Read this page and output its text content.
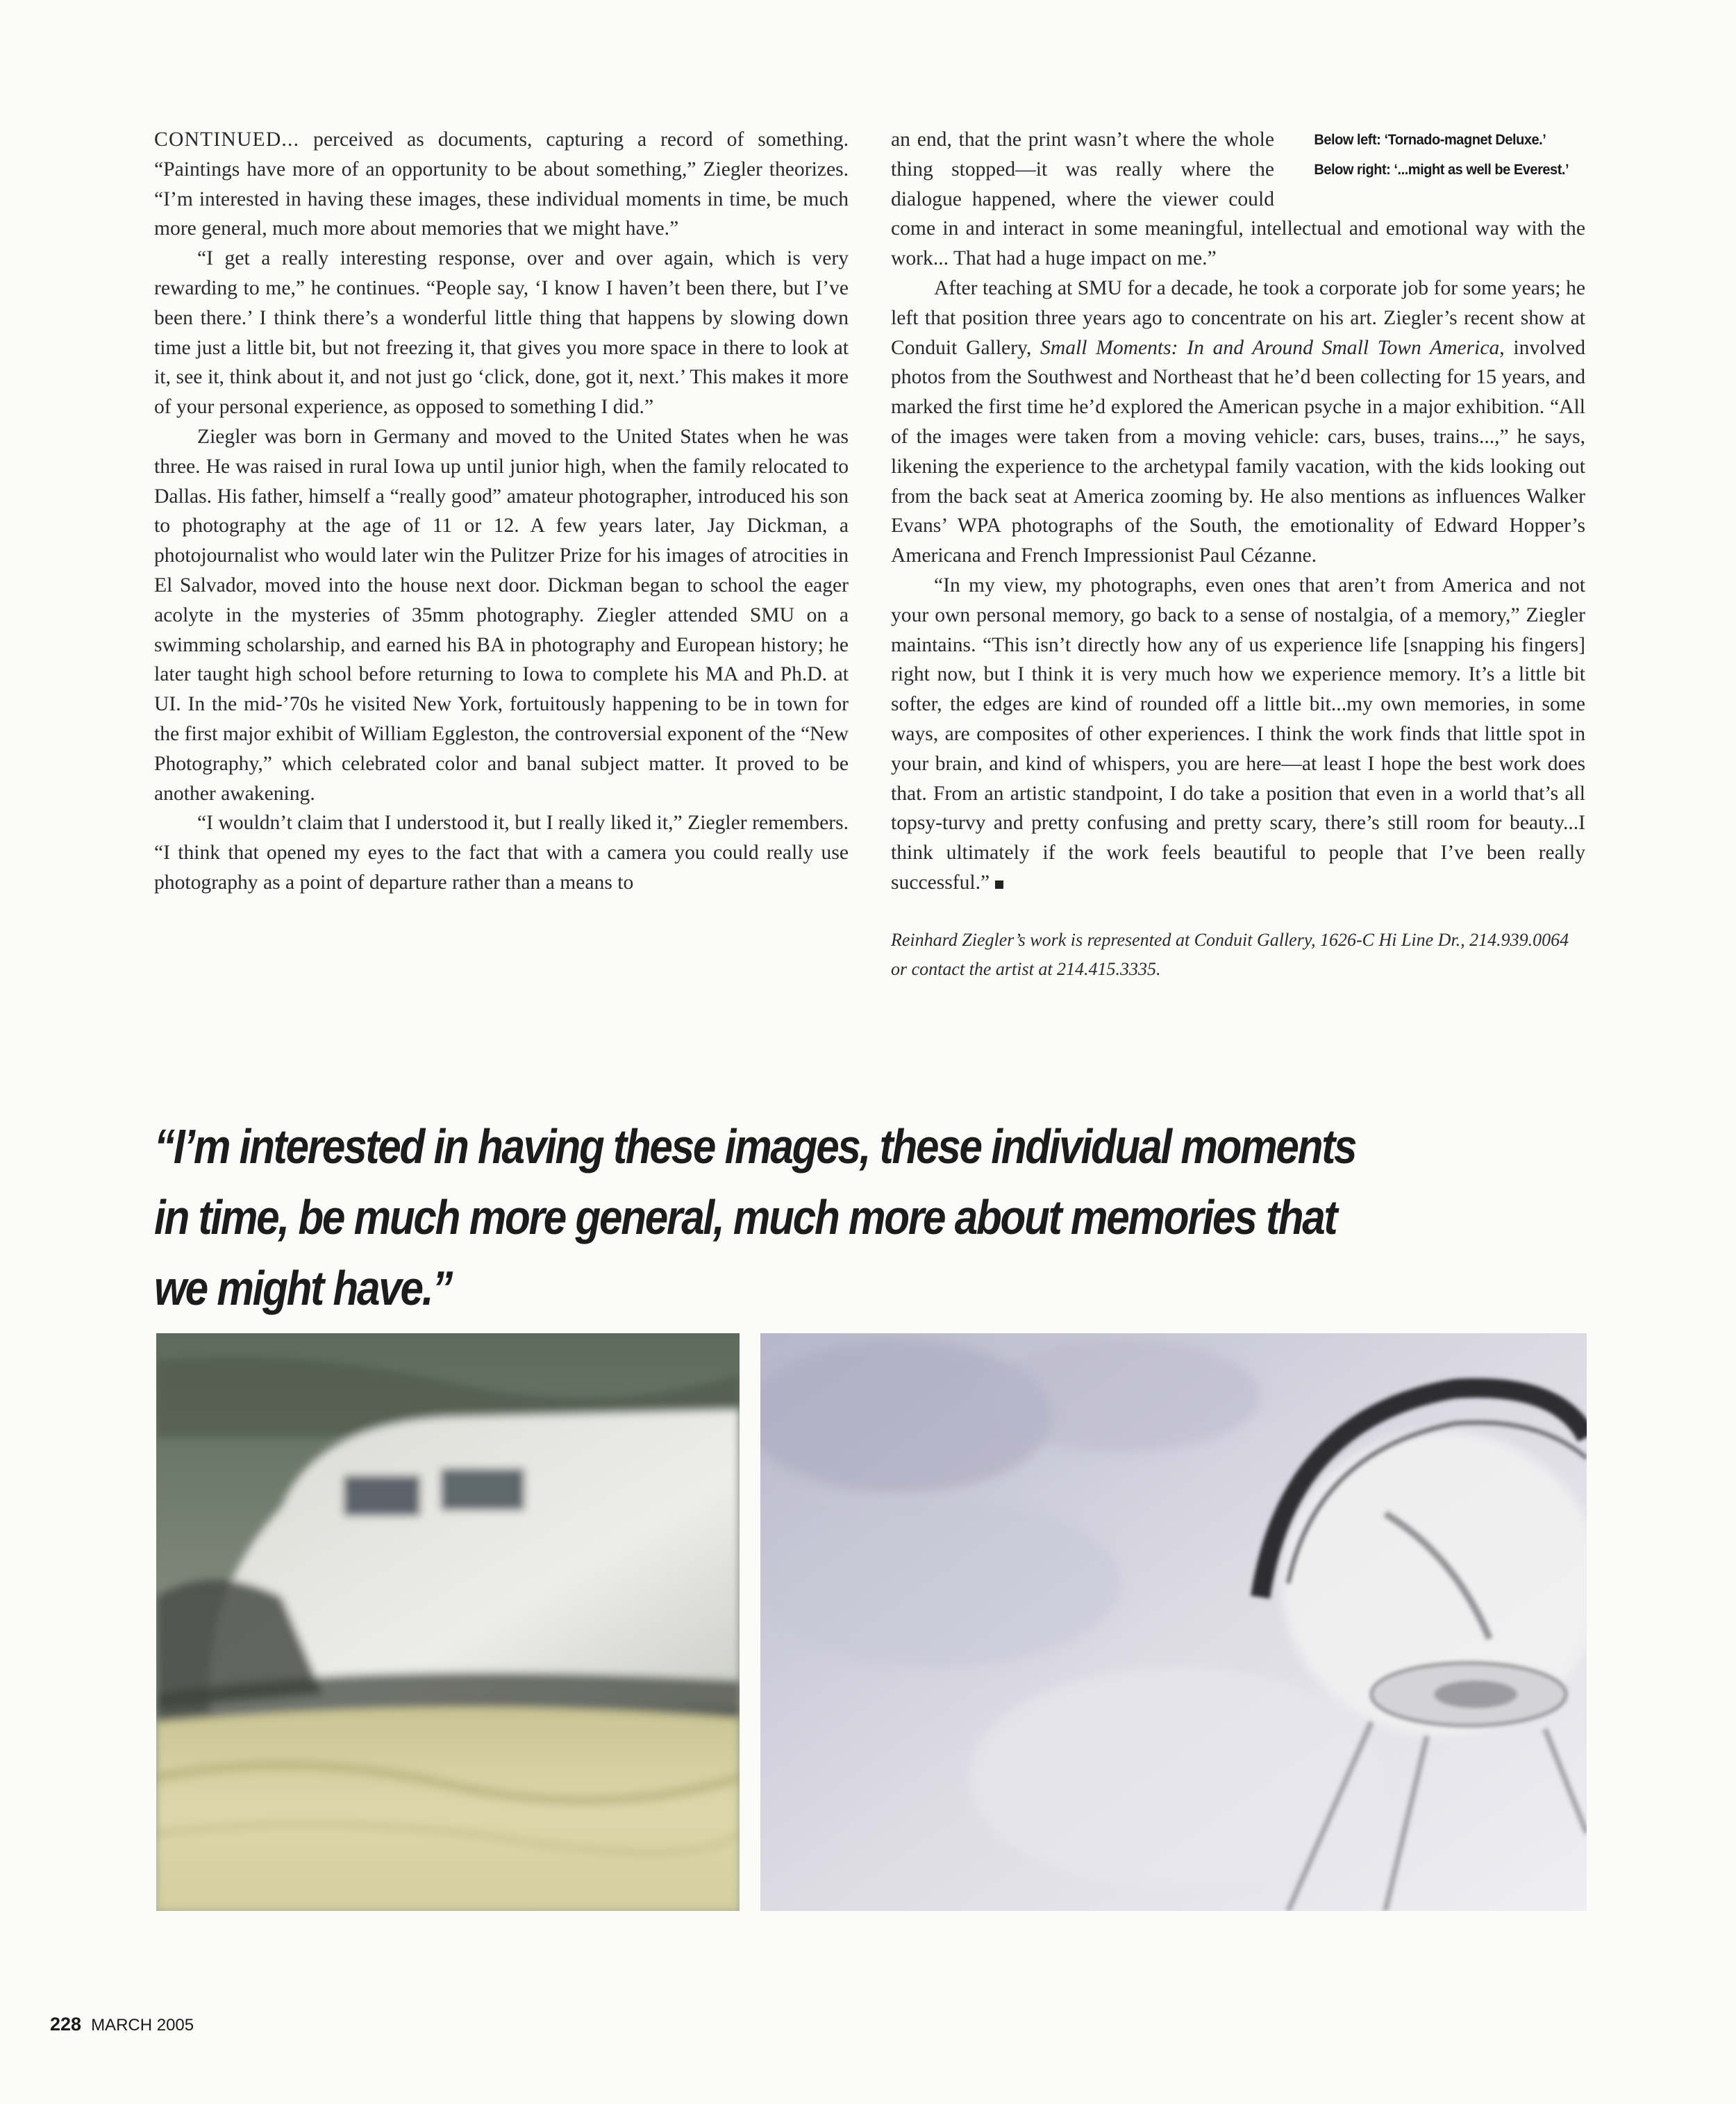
CONTINUED... perceived as documents, capturing a record of something. “Paintings have more of an opportunity to be about something,” Ziegler theorizes. “I’m interested in having these images, these individual moments in time, be much more general, much more about memories that we might have.”

“I get a really interesting response, over and over again, which is very rewarding to me,” he continues. “People say, ‘I know I haven’t been there, but I’ve been there.’ I think there’s a wonderful little thing that happens by slowing down time just a little bit, but not freezing it, that gives you more space in there to look at it, see it, think about it, and not just go ‘click, done, got it, next.’ This makes it more of your personal experience, as opposed to something I did.”

Ziegler was born in Germany and moved to the United States when he was three. He was raised in rural Iowa up until junior high, when the family relocated to Dallas. His father, himself a “really good” amateur photographer, introduced his son to photography at the age of 11 or 12. A few years later, Jay Dickman, a photojournalist who would later win the Pulitzer Prize for his images of atrocities in El Salvador, moved into the house next door. Dickman began to school the eager acolyte in the mysteries of 35mm photography. Ziegler attended SMU on a swimming scholarship, and earned his BA in photography and European history; he later taught high school before returning to Iowa to complete his MA and Ph.D. at UI. In the mid-’70s he visited New York, fortuitously happening to be in town for the first major exhibit of William Eggleston, the controversial exponent of the “New Photography,” which celebrated color and banal subject matter. It proved to be another awakening.

“I wouldn’t claim that I understood it, but I really liked it,” Ziegler remembers. “I think that opened my eyes to the fact that with a camera you could really use photography as a point of departure rather than a means to

Below left: ‘Tornado-magnet Deluxe.’
Below right: ‘...might as well be Everest.’

an end, that the print wasn’t where the whole thing stopped—it was really where the dialogue happened, where the viewer could come in and interact in some meaningful, intellectual and emotional way with the work... That had a huge impact on me.”

After teaching at SMU for a decade, he took a corporate job for some years; he left that position three years ago to concentrate on his art. Ziegler’s recent show at Conduit Gallery, Small Moments: In and Around Small Town America, involved photos from the Southwest and Northeast that he’d been collecting for 15 years, and marked the first time he’d explored the American psyche in a major exhibition. “All of the images were taken from a moving vehicle: cars, buses, trains...,” he says, likening the experience to the archetypal family vacation, with the kids looking out from the back seat at America zooming by. He also mentions as influences Walker Evans’ WPA photographs of the South, the emotionality of Edward Hopper’s Americana and French Impressionist Paul Cézanne.

“In my view, my photographs, even ones that aren’t from America and not your own personal memory, go back to a sense of nostalgia, of a memory,” Ziegler maintains. “This isn’t directly how any of us experience life [snapping his fingers] right now, but I think it is very much how we experience memory. It’s a little bit softer, the edges are kind of rounded off a little bit...my own memories, in some ways, are composites of other experiences. I think the work finds that little spot in your brain, and kind of whispers, you are here—at least I hope the best work does that. From an artistic standpoint, I do take a position that even in a world that’s all topsy-turvy and pretty confusing and pretty scary, there’s still room for beauty...I think ultimately if the work feels beautiful to people that I’ve been really successful.”

Reinhard Ziegler’s work is represented at Conduit Gallery, 1626-C Hi Line Dr., 214.939.0064 or contact the artist at 214.415.3335.
“I’m interested in having these images, these individual moments in time, be much more general, much more about memories that we might have.”
228 MARCH 2005
